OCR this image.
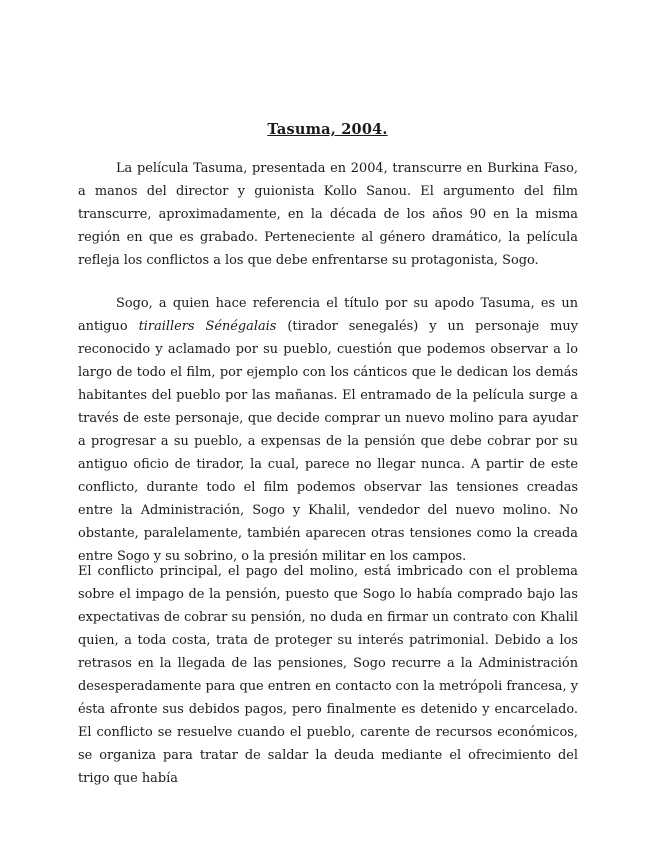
Tasuma, 2004.

La película Tasuma, presentada en 2004, transcurre en Burkina Faso, a manos del director y guionista Kollo Sanou. El argumento del film transcurre, aproximadamente, en la década de los años 90 en la misma región en que es grabado. Perteneciente al género dramático, la película refleja los conflictos a los que debe enfrentarse su protagonista, Sogo.

Sogo, a quien hace referencia el título por su apodo Tasuma, es un antiguo tiraillers Sénégalais (tirador senegalés) y un personaje muy reconocido y aclamado por su pueblo, cuestión que podemos observar a lo largo de todo el film, por ejemplo con los cánticos que le dedican los demás habitantes del pueblo por las mañanas. El entramado de la película surge a través de este personaje, que decide comprar un nuevo molino para ayudar a progresar a su pueblo, a expensas de la pensión que debe cobrar por su antiguo oficio de tirador, la cual, parece no llegar nunca. A partir de este conflicto, durante todo el film podemos observar las tensiones creadas entre la Administración, Sogo y Khalil, vendedor del nuevo molino. No obstante, paralelamente, también aparecen otras tensiones como la creada entre Sogo y su sobrino, o la presión militar en los campos.

El conflicto principal, el pago del molino, está imbricado con el problema sobre el impago de la pensión, puesto que Sogo lo había comprado bajo las expectativas de cobrar su pensión, no duda en firmar un contrato con Khalil quien, a toda costa, trata de proteger su interés patrimonial. Debido a los retrasos en la llegada de las pensiones, Sogo recurre a la Administración desesperadamente para que entren en contacto con la metrópoli francesa, y ésta afronte sus debidos pagos, pero finalmente es detenido y encarcelado. El conflicto se resuelve cuando el pueblo, carente de recursos económicos, se organiza para tratar de saldar la deuda mediante el ofrecimiento del trigo que había
